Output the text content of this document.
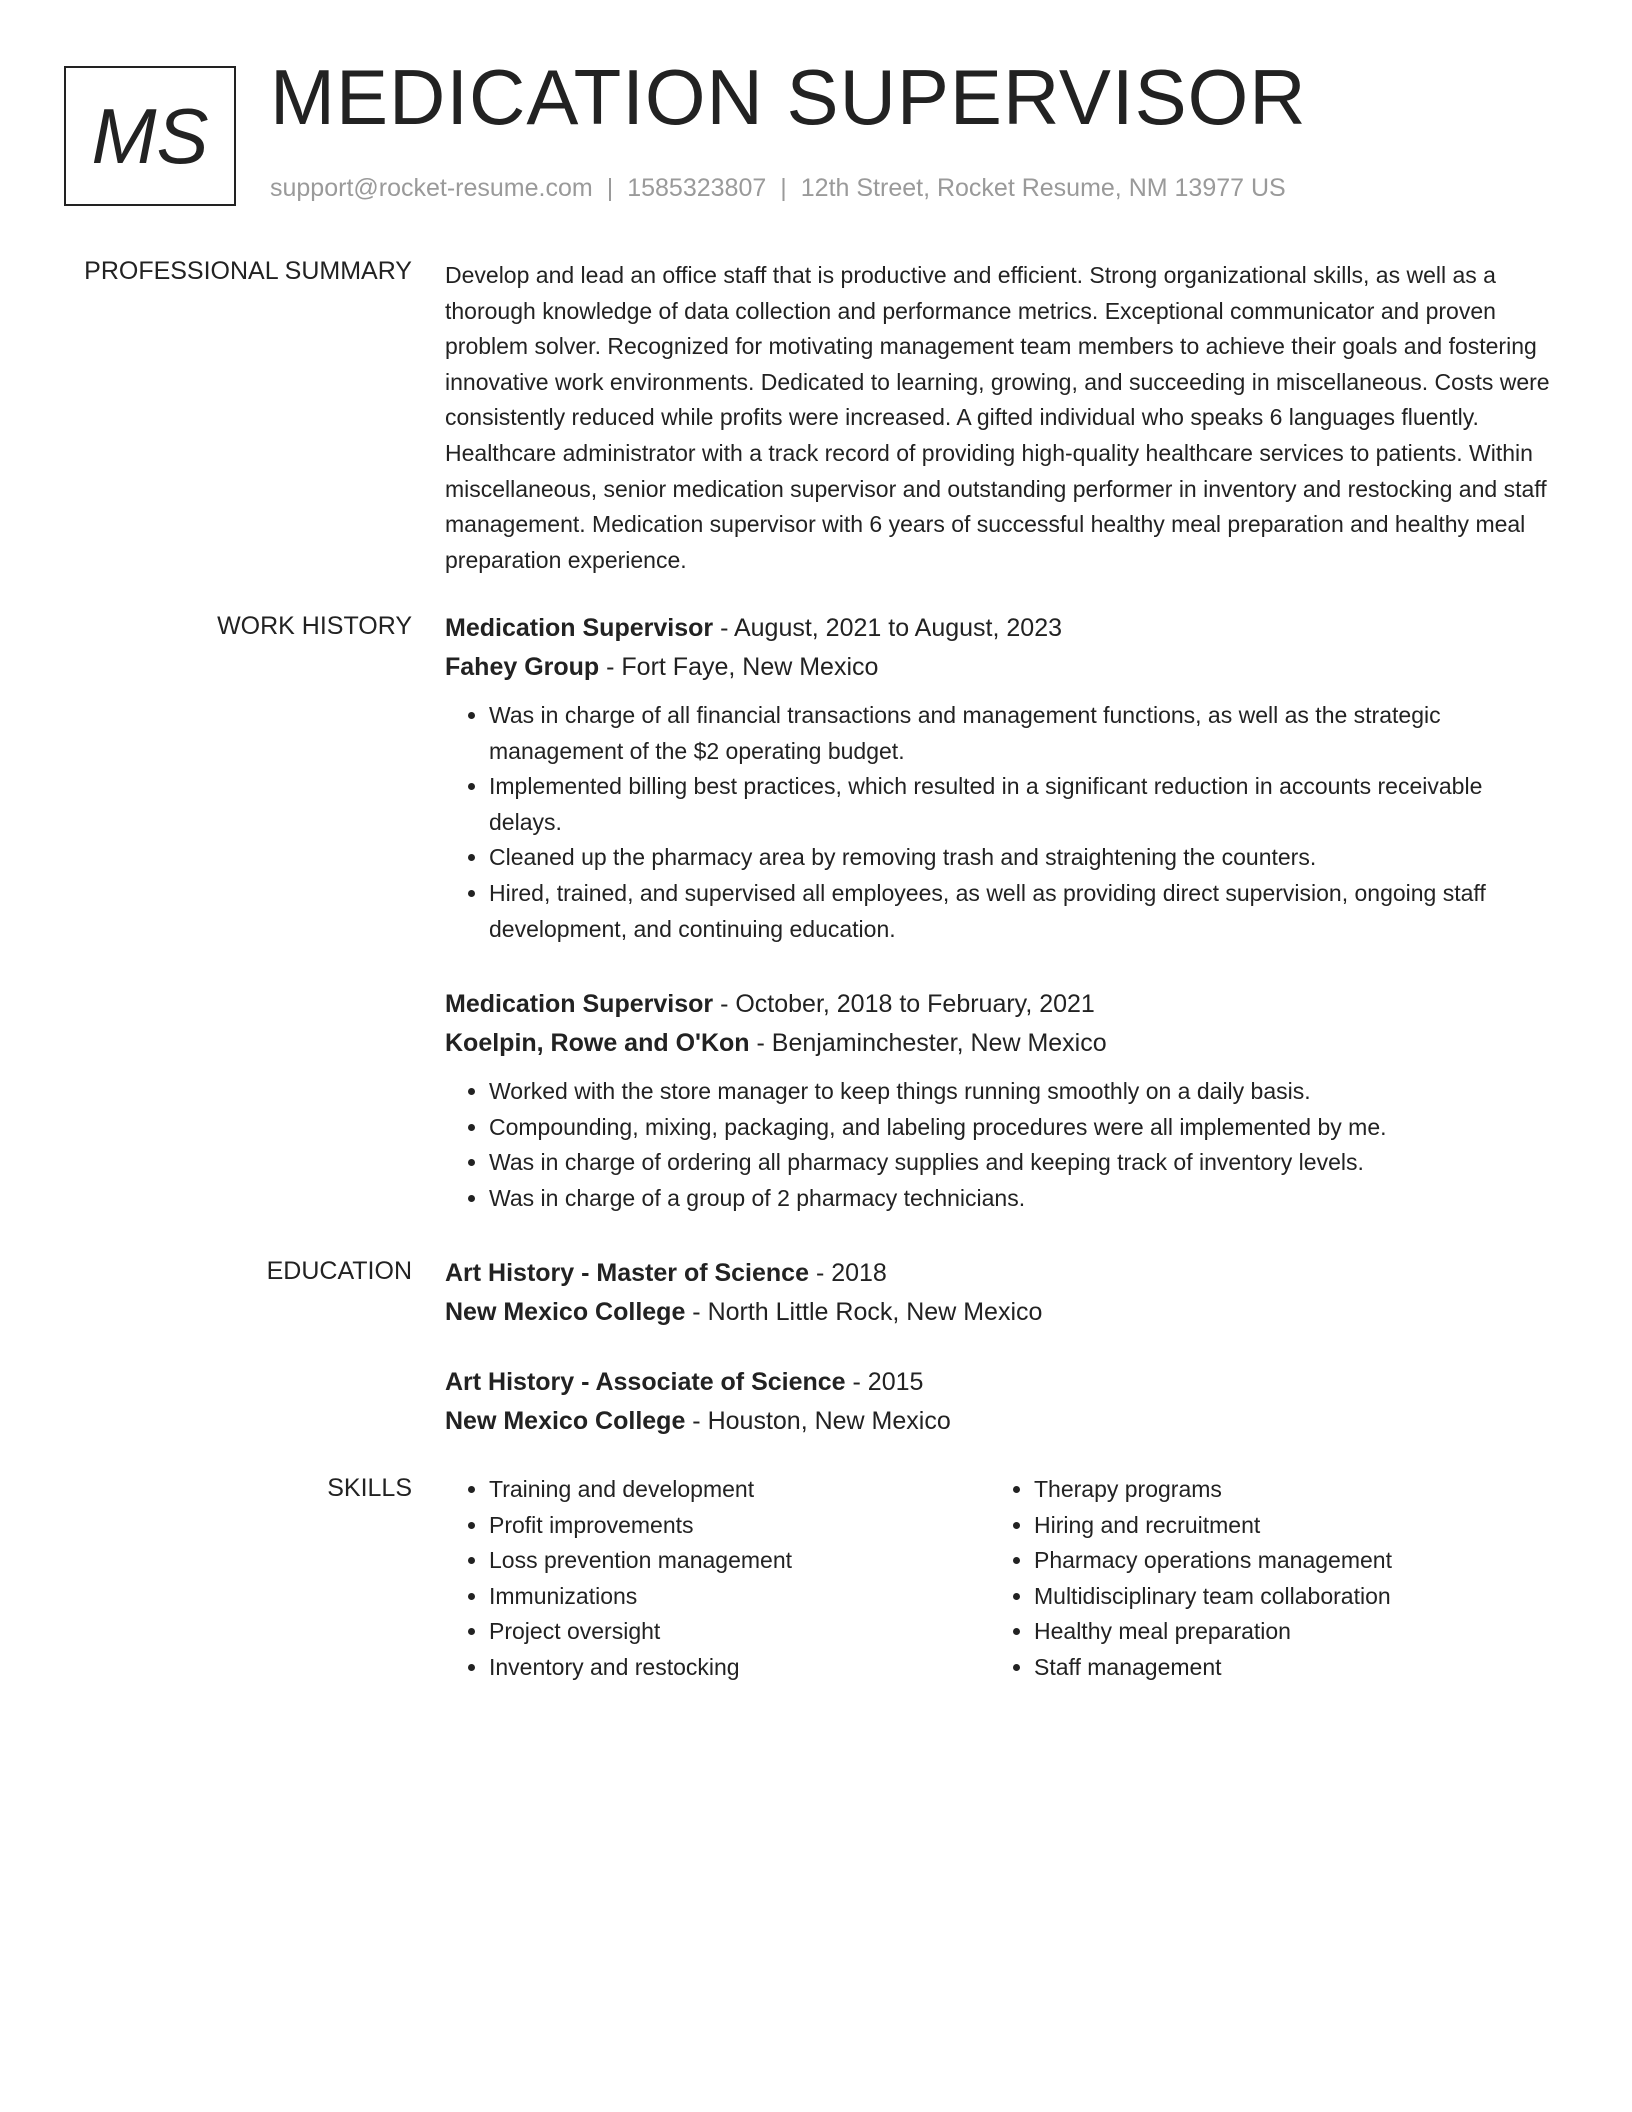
MS MEDICATION SUPERVISOR
support@rocket-resume.com | 1585323807 | 12th Street, Rocket Resume, NM 13977 US
PROFESSIONAL SUMMARY Develop and lead an office staff that is productive and efficient. Strong organizational skills, as well as a thorough knowledge of data collection and performance metrics. Exceptional communicator and proven problem solver. Recognized for motivating management team members to achieve their goals and fostering innovative work environments. Dedicated to learning, growing, and succeeding in miscellaneous. Costs were consistently reduced while profits were increased. A gifted individual who speaks 6 languages fluently. Healthcare administrator with a track record of providing high-quality healthcare services to patients. Within miscellaneous, senior medication supervisor and outstanding performer in inventory and restocking and staff management. Medication supervisor with 6 years of successful healthy meal preparation and healthy meal preparation experience.
WORK HISTORY Medication Supervisor - August, 2021 to August, 2023
Fahey Group - Fort Faye, New Mexico
• Was in charge of all financial transactions and management functions, as well as the strategic management of the $2 operating budget.
• Implemented billing best practices, which resulted in a significant reduction in accounts receivable delays.
• Cleaned up the pharmacy area by removing trash and straightening the counters.
• Hired, trained, and supervised all employees, as well as providing direct supervision, ongoing staff development, and continuing education.
Medication Supervisor - October, 2018 to February, 2021
Koelpin, Rowe and O'Kon - Benjaminchester, New Mexico
• Worked with the store manager to keep things running smoothly on a daily basis.
• Compounding, mixing, packaging, and labeling procedures were all implemented by me.
• Was in charge of ordering all pharmacy supplies and keeping track of inventory levels.
• Was in charge of a group of 2 pharmacy technicians.
EDUCATION Art History - Master of Science - 2018
New Mexico College - North Little Rock, New Mexico
Art History - Associate of Science - 2015
New Mexico College - Houston, New Mexico
SKILLS
•	Training and development
• Profit improvements
• Loss prevention management
• Immunizations
• Project oversight
• Inventory and restocking
• Therapy programs
• Hiring and recruitment
• Pharmacy operations management
• Multidisciplinary team collaboration
• Healthy meal preparation
• Staff management
